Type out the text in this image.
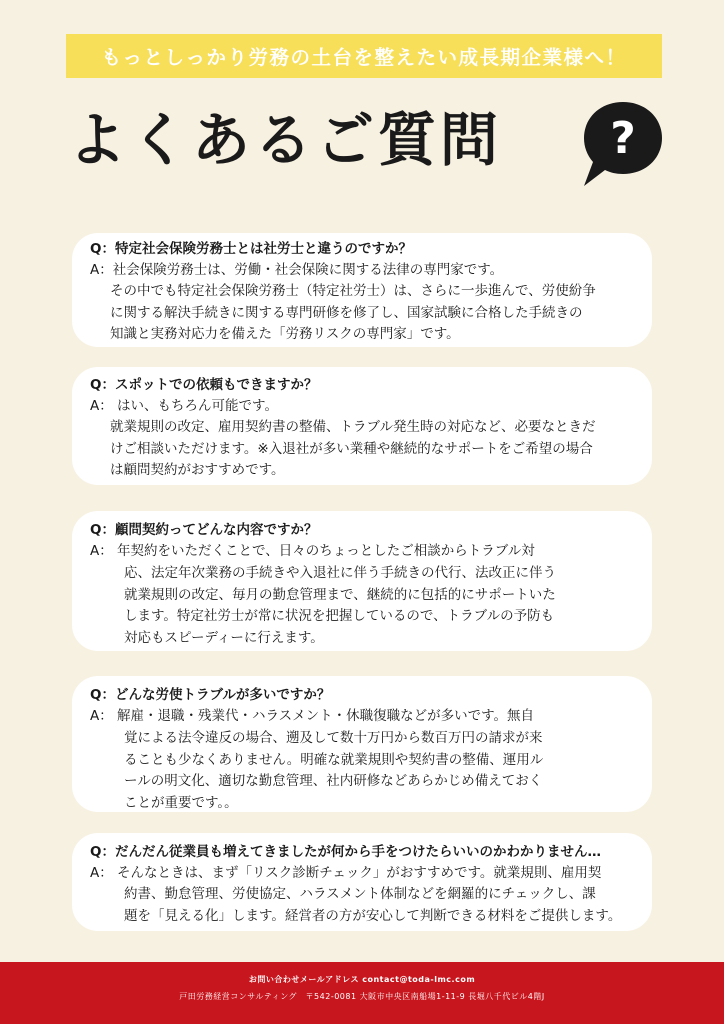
もっとしっかり労務の土台を整えたい成長期企業様へ！
よくあるご質問 ?
Q：特定社会保険労務士とは社労士と違うのですか？
A：社会保険労務士は、労働・社会保険に関する法律の専門家です。
その中でも特定社会保険労務士（特定社労士）は、さらに一歩進んで、労使紛争
に関する解決手続きに関する専門研修を修了し、国家試験に合格した手続きの
知識と実務対応力を備えた「労務リスクの専門家」です。
Q：スポットでの依頼もできますか？
A： はい、もちろん可能です。
就業規則の改定、雇用契約書の整備、トラブル発生時の対応など、必要なときだ
けご相談いただけます。※入退社が多い業種や継続的なサポートをご希望の場合
は顧問契約がおすすめです。
Q：顧問契約ってどんな内容ですか？
A： 年契約をいただくことで、日々のちょっとしたご相談からトラブル対
応、法定年次業務の手続きや入退社に伴う手続きの代行、法改正に伴う
就業規則の改定、毎月の勤怠管理まで、継続的に包括的にサポートいた
します。特定社労士が常に状況を把握しているので、トラブルの予防も
対応もスピーディーに行えます。
Q：どんな労使トラブルが多いですか？
A： 解雇・退職・残業代・ハラスメント・休職復職などが多いです。無自
覚による法令違反の場合、遡及して数十万円から数百万円の請求が来
ることも少なくありません。明確な就業規則や契約書の整備、運用ル
ールの明文化、適切な勤怠管理、社内研修などあらかじめ備えておく
ことが重要です。。
Q：だんだん従業員も増えてきましたが何から手をつけたらいいのかわかりません…
A： そんなときは、まず「リスク診断チェック」がおすすめです。就業規則、雇用契
約書、勤怠管理、労使協定、ハラスメント体制などを網羅的にチェックし、課
題を「見える化」します。経営者の方が安心して判断できる材料をご提供します。
お問い合わせメールアドレス contact@toda-lmc.com
戸田労務経営コンサルティング　〒542-0081 大阪市中央区南船場1-11-9 長堀八千代ビル4階J
